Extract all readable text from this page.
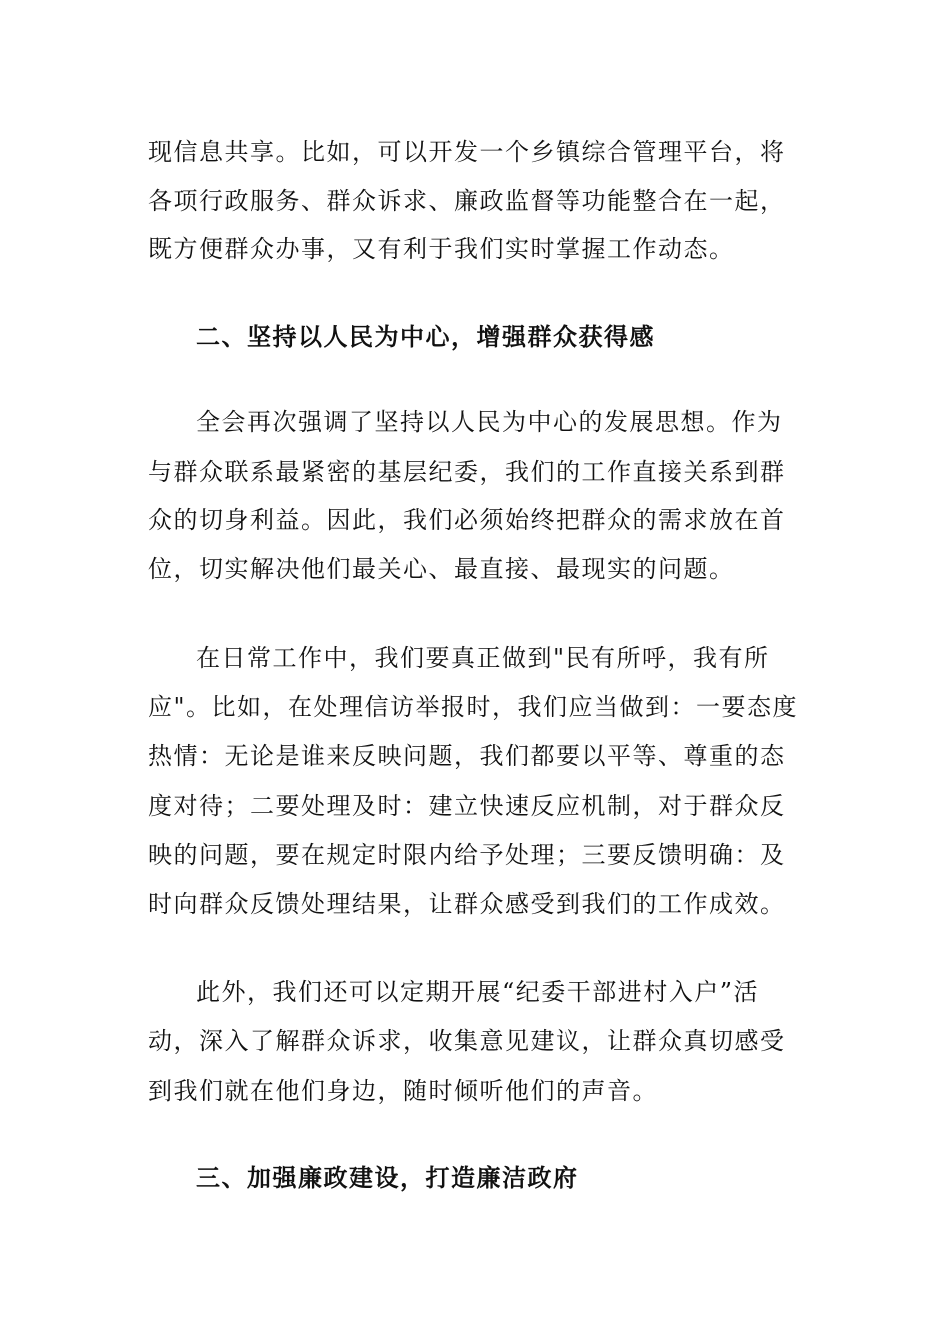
现信息共享。比如，可以开发一个乡镇综合管理平台，将
各项行政服务、群众诉求、廉政监督等功能整合在一起，
既方便群众办事，又有利于我们实时掌握工作动态。
二、坚持以人民为中心，增强群众获得感
全会再次强调了坚持以人民为中心的发展思想。作为
与群众联系最紧密的基层纪委，我们的工作直接关系到群
众的切身利益。因此，我们必须始终把群众的需求放在首
位，切实解决他们最关心、最直接、最现实的问题。
在日常工作中，我们要真正做到"民有所呼，我有所
应"。比如，在处理信访举报时，我们应当做到：一要态度
热情：无论是谁来反映问题，我们都要以平等、尊重的态
度对待；二要处理及时：建立快速反应机制，对于群众反
映的问题，要在规定时限内给予处理；三要反馈明确：及
时向群众反馈处理结果，让群众感受到我们的工作成效。
此外，我们还可以定期开展“纪委干部进村入户”活
动，深入了解群众诉求，收集意见建议，让群众真切感受
到我们就在他们身边，随时倾听他们的声音。
三、加强廉政建设，打造廉洁政府
